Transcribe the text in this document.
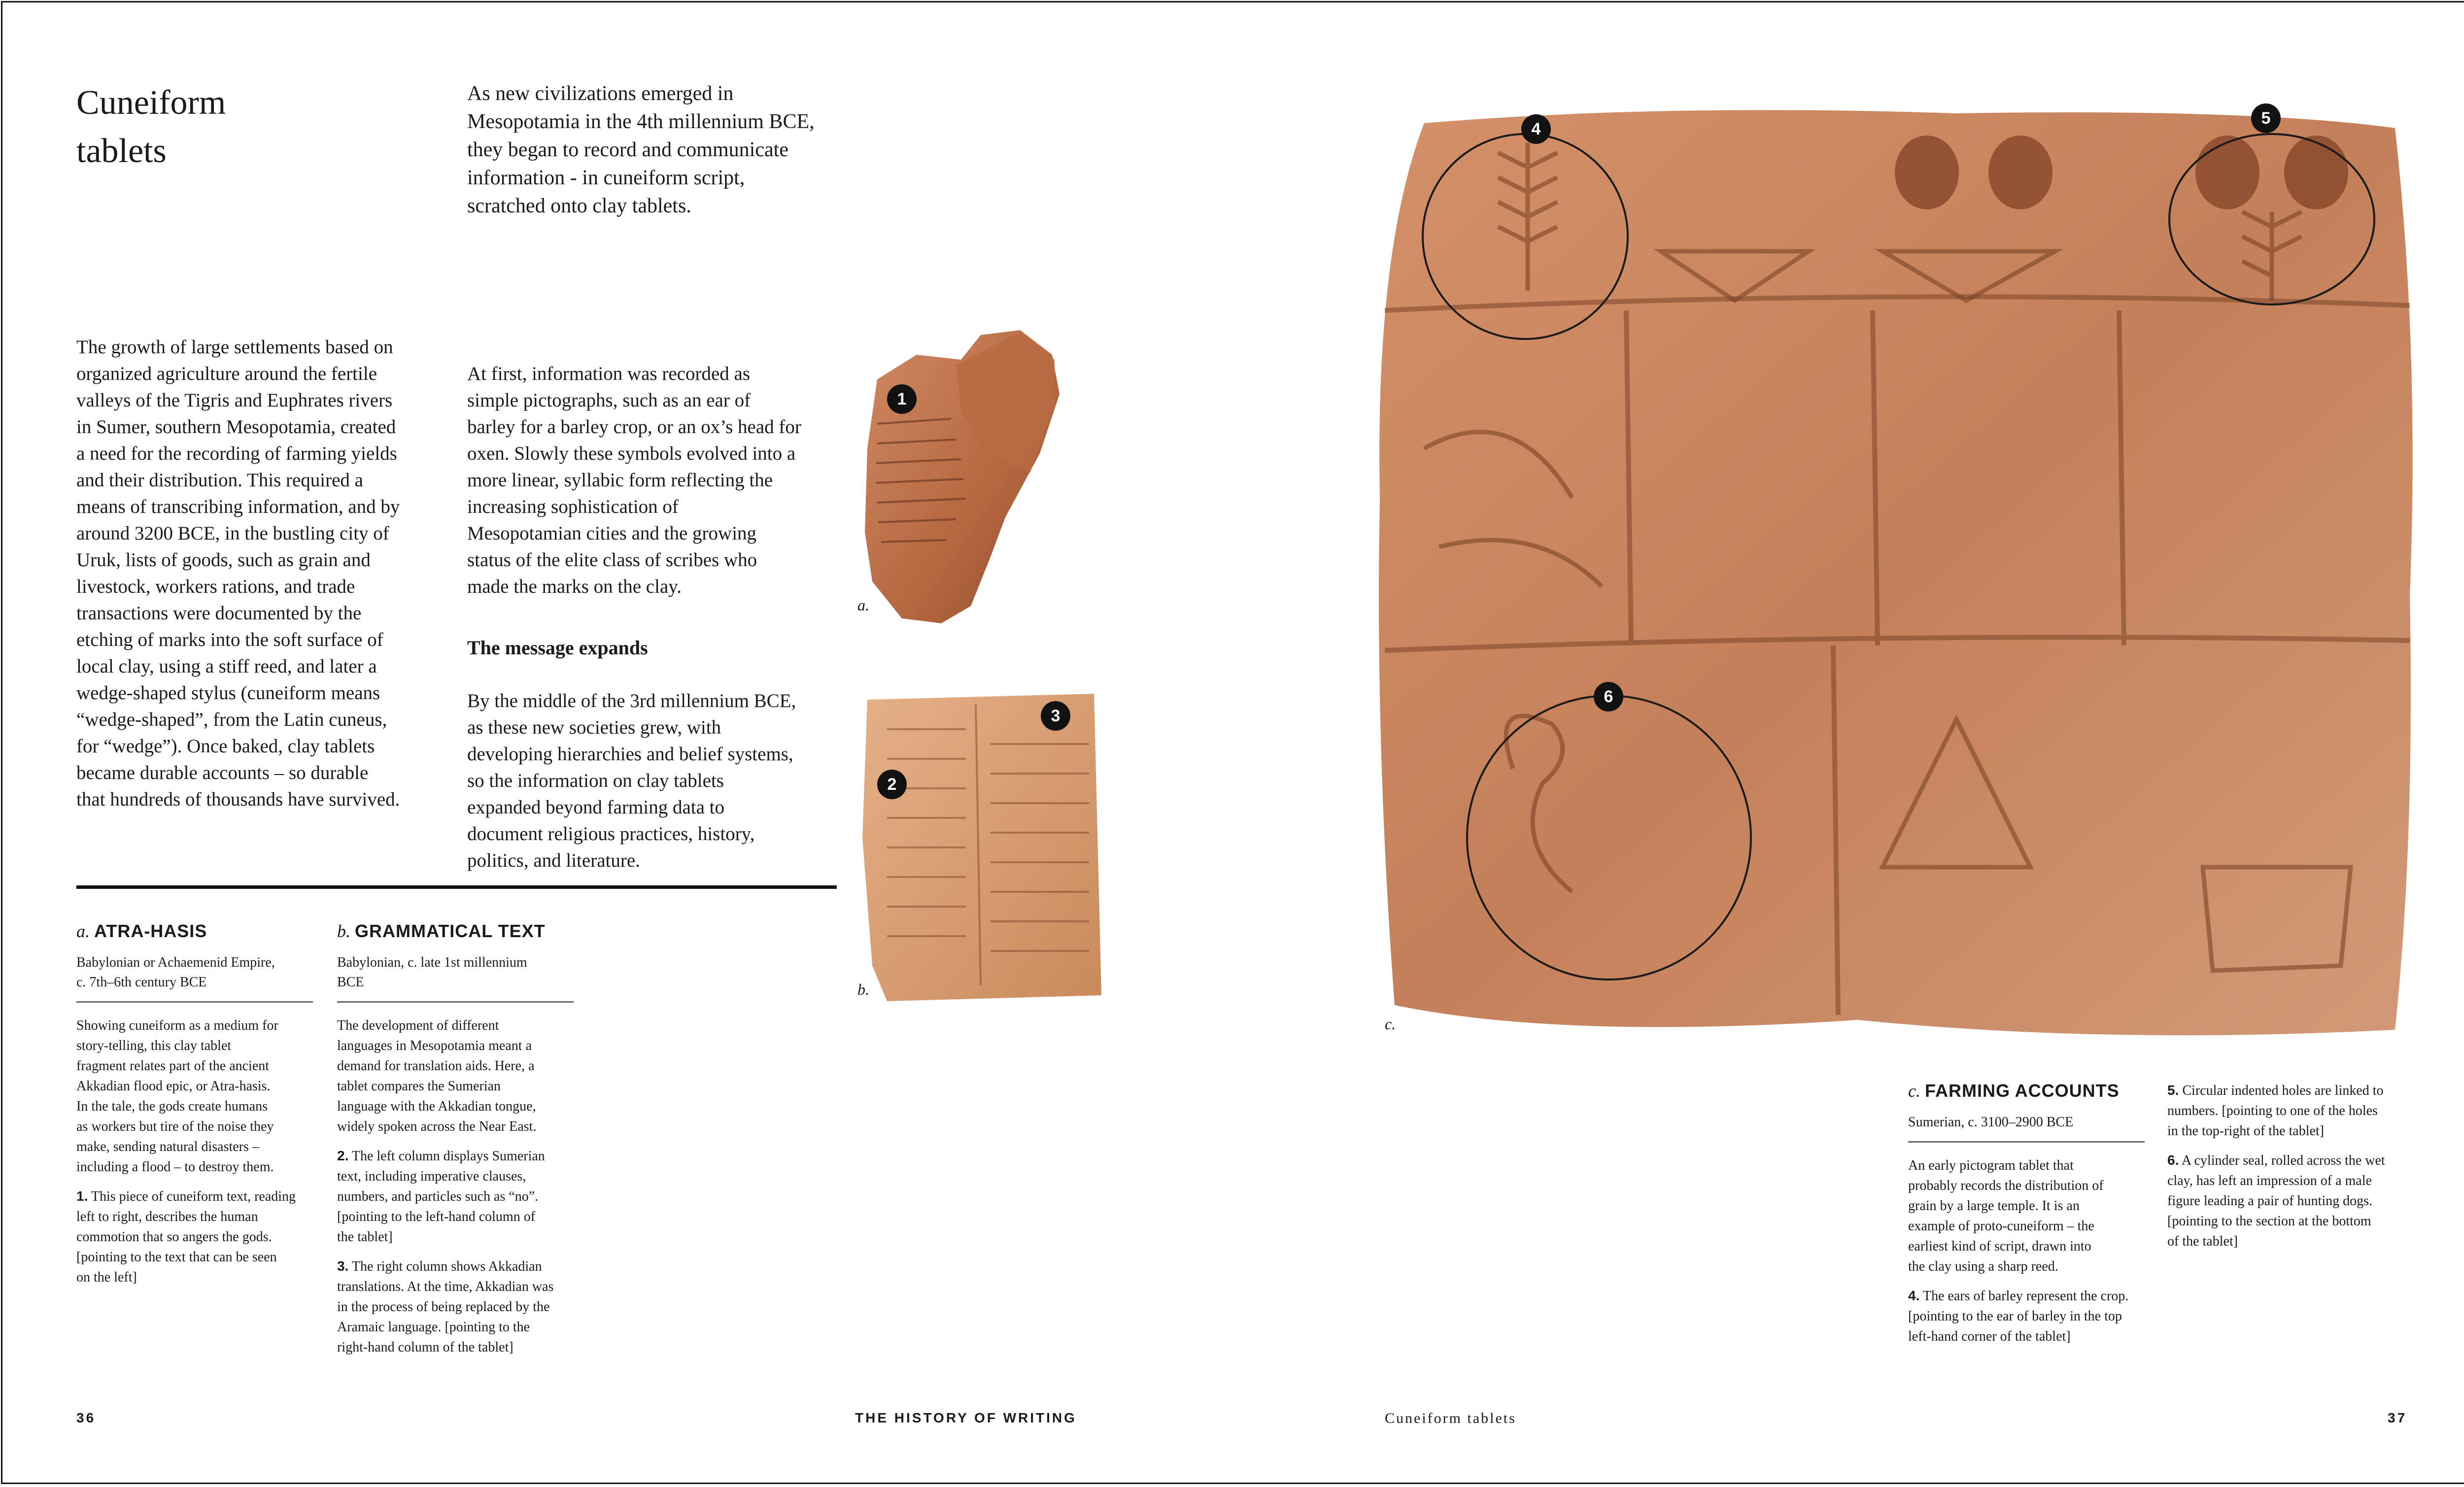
Cuneiform
tablets
As new civilizations emerged in Mesopotamia in the 4th millennium BCE, they began to record and communicate information - in cuneiform script, scratched onto clay tablets.
The growth of large settlements based on
organized agriculture around the fertile
valleys of the Tigris and Euphrates rivers
in Sumer, southern Mesopotamia, created
a need for the recording of farming yields
and their distribution. This required a
means of transcribing information, and by
around 3200 BCE, in the bustling city of
Uruk, lists of goods, such as grain and
livestock, workers rations, and trade
transactions were documented by the
etching of marks into the soft surface of
local clay, using a stiff reed, and later a
wedge-shaped stylus (cuneiform means
“wedge-shaped”, from the Latin cuneus,
for “wedge”). Once baked, clay tablets
became durable accounts – so durable
that hundreds of thousands have survived.

At first, information was recorded as
simple pictographs, such as an ear of
barley for a barley crop, or an ox’s head for
oxen. Slowly these symbols evolved into a
more linear, syllabic form reflecting the
increasing sophistication of
Mesopotamian cities and the growing
status of the elite class of scribes who
made the marks on the clay.

The message expands

By the middle of the 3rd millennium BCE,
as these new societies grew, with
developing hierarchies and belief systems,
so the information on clay tablets
expanded beyond farming data to
document religious practices, history,
politics, and literature.

a. ATRA-HASIS
Babylonian or Achaemenid Empire,
c. 7th–6th century BCE
Showing cuneiform as a medium for
story-telling, this clay tablet
fragment relates part of the ancient
Akkadian flood epic, or Atra-hasis.
In the tale, the gods create humans
as workers but tire of the noise they
make, sending natural disasters –
including a flood – to destroy them.
1. This piece of cuneiform text, reading
left to right, describes the human
commotion that so angers the gods.
[pointing to the text that can be seen
on the left]
b. GRAMMATICAL TEXT
Babylonian, c. late 1st millennium
BCE
The development of different
languages in Mesopotamia meant a
demand for translation aids. Here, a
tablet compares the Sumerian
language with the Akkadian tongue,
widely spoken across the Near East.
2. The left column displays Sumerian
text, including imperative clauses,
numbers, and particles such as “no”.
[pointing to the left-hand column of
the tablet]
3. The right column shows Akkadian
translations. At the time, Akkadian was
in the process of being replaced by the
Aramaic language. [pointing to the
right-hand column of the tablet]
1
a.
2
3
b.
4
5
6
c.
c. FARMING ACCOUNTS
Sumerian, c. 3100–2900 BCE
An early pictogram tablet that
probably records the distribution of
grain by a large temple. It is an
example of proto-cuneiform – the
earliest kind of script, drawn into
the clay using a sharp reed.
4. The ears of barley represent the crop.
[pointing to the ear of barley in the top
left-hand corner of the tablet]
5. Circular indented holes are linked to
numbers. [pointing to one of the holes
in the top-right of the tablet]
6. A cylinder seal, rolled across the wet
clay, has left an impression of a male
figure leading a pair of hunting dogs.
[pointing to the section at the bottom
of the tablet]
36	THE HISTORY OF WRITING	Cuneiform tablets	37
